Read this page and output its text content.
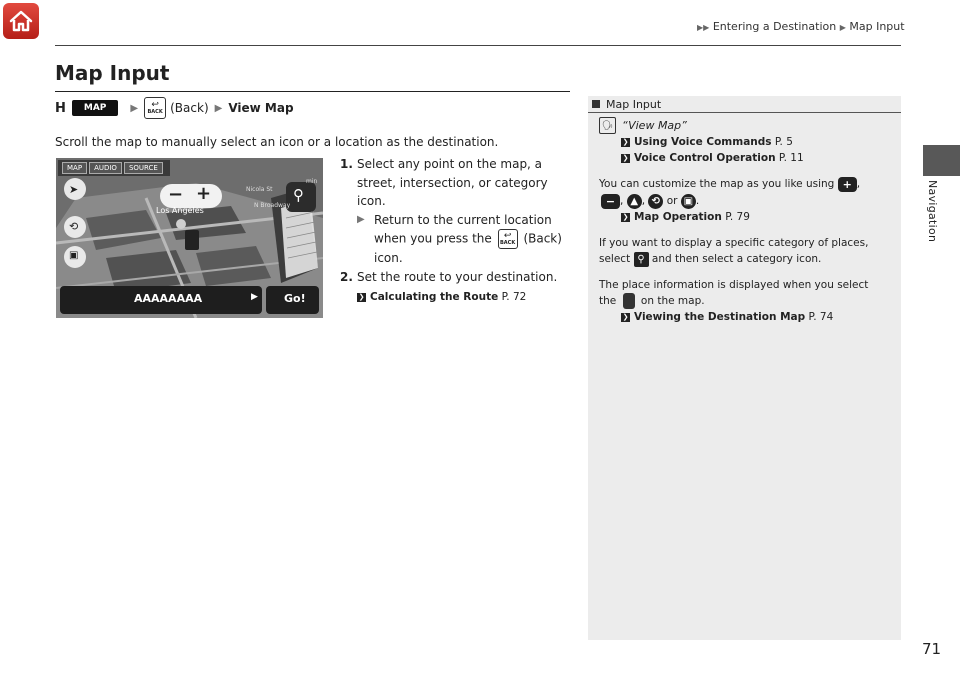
▶▶ Entering a Destination ▶ Map Input
Navigation
Map Input
H	MAP	▶ ↩
BACK (Back) ▶ View Map
Scroll the map to manually select an icon or a location as the destination.
MAP	AUDIO	SOURCE
➤
⟲
▣
− +	⚲
Los Angeles
Nicola St
N Broadway
min
AAAAAAAA	▶ Go!
1. Select any point on the map, a
street, intersection, or category
icon.
▶ Return to the current location
when you press the ↩
BACK (Back)
icon.
2. Set the route to your destination.
❯ Calculating the Route P. 72
Map Input
🗣 “View Map”
❯ Using Voice Commands P. 5
❯ Voice Control Operation P. 11
You can customize the map as you like using + ,
− , ▲ , ⟲ or ▣ .
❯ Map Operation P. 79
If you want to display a specific category of places,
select ⚲ and then select a category icon.
The place information is displayed when you select
the on the map.
❯ Viewing the Destination Map P. 74
71
